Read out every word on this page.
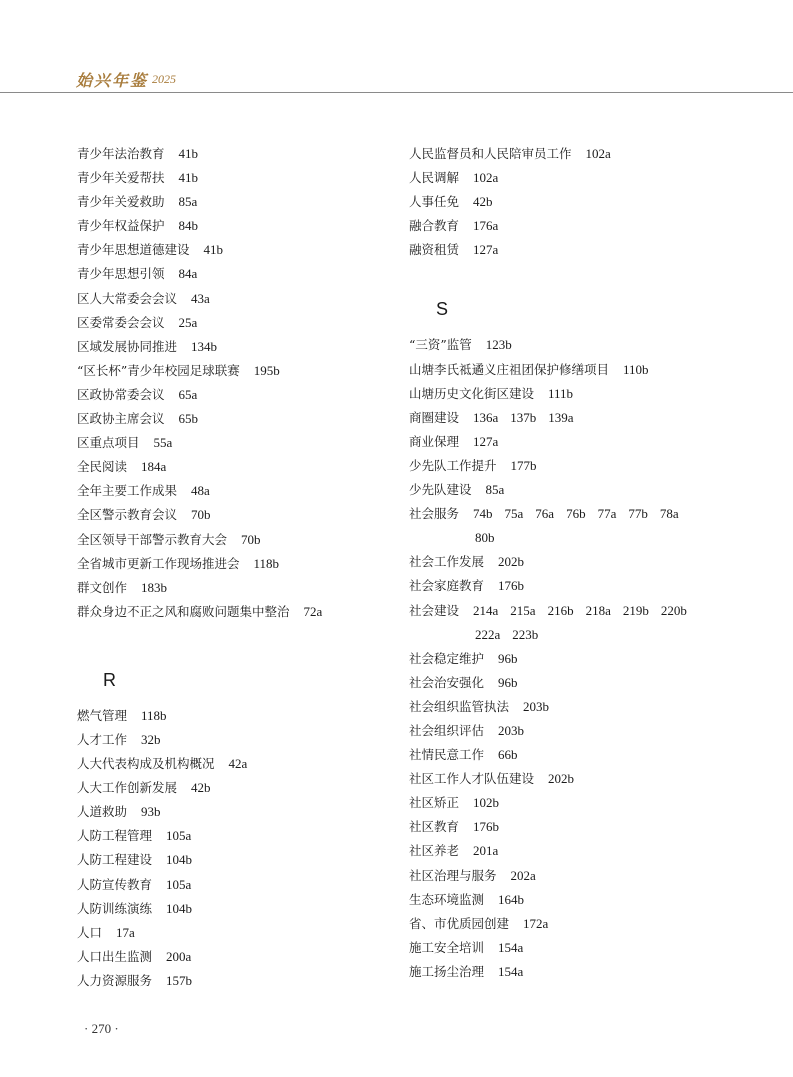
始兴年鉴 2025
青少年法治教育 41b
青少年关爱帮扶 41b
青少年关爱救助 85a
青少年权益保护 84b
青少年思想道德建设 41b
青少年思想引领 84a
区人大常委会会议 43a
区委常委会会议 25a
区域发展协同推进 134b
“区长杯”青少年校园足球联赛 195b
区政协常委会议 65a
区政协主席会议 65b
区重点项目 55a
全民阅读 184a
全年主要工作成果 48a
全区警示教育会议 70b
全区领导干部警示教育大会 70b
全省城市更新工作现场推进会 118b
群文创作 183b
群众身边不正之风和腐败问题集中整治 72a
R
燃气管理 118b
人才工作 32b
人大代表构成及机构概况 42a
人大工作创新发展 42b
人道救助 93b
人防工程管理 105a
人防工程建设 104b
人防宣传教育 105a
人防训练演练 104b
人口 17a
人口出生监测 200a
人力资源服务 157b
人民监督员和人民陪审员工作 102a
人民调解 102a
人事任免 42b
融合教育 176a
融资租赁 127a
S
“三资”监管 123b
山塘李氏祗遹义庄祖团保护修缮项目 110b
山塘历史文化街区建设 111b
商圈建设 136a 137b 139a
商业保理 127a
少先队工作提升 177b
少先队建设 85a
社会服务 74b 75a 76a 76b 77a 77b 78a
80b
社会工作发展 202b
社会家庭教育 176b
社会建设 214a 215a 216b 218a 219b 220b
222a 223b
社会稳定维护 96b
社会治安强化 96b
社会组织监管执法 203b
社会组织评估 203b
社情民意工作 66b
社区工作人才队伍建设 202b
社区矫正 102b
社区教育 176b
社区养老 201a
社区治理与服务 202a
生态环境监测 164b
省、市优质园创建 172a
施工安全培训 154a
施工扬尘治理 154a
· 270 ·
